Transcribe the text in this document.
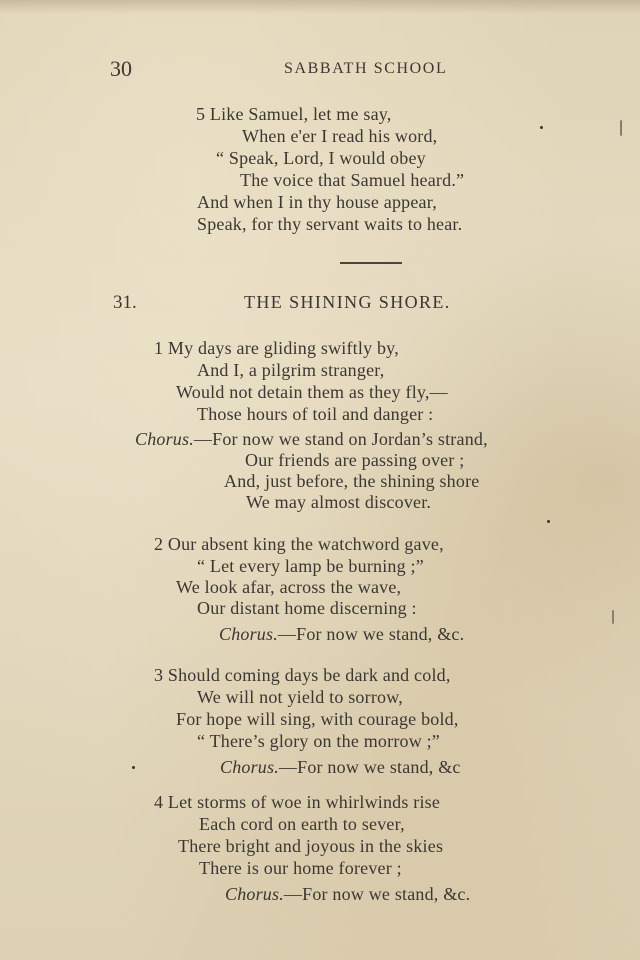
30	SABBATH SCHOOL
5 Like Samuel, let me say,
When e'er I read his word,
“ Speak, Lord, I would obey
The voice that Samuel heard.”
And when I in thy house appear,
Speak, for thy servant waits to hear.
31.	THE SHINING SHORE.
1 My days are gliding swiftly by,
And I, a pilgrim stranger,
Would not detain them as they fly,—
Those hours of toil and danger :
Chorus.—For now we stand on Jordan’s strand,
Our friends are passing over ;
And, just before, the shining shore
We may almost discover.
2 Our absent king the watchword gave,
“ Let every lamp be burning ;”
We look afar, across the wave,
Our distant home discerning :
Chorus.—For now we stand, &c.
3 Should coming days be dark and cold,
We will not yield to sorrow,
For hope will sing, with courage bold,
“ There’s glory on the morrow ;”
Chorus.—For now we stand, &c
4 Let storms of woe in whirlwinds rise
Each cord on earth to sever,
There bright and joyous in the skies
There is our home forever ;
Chorus.—For now we stand, &c.
